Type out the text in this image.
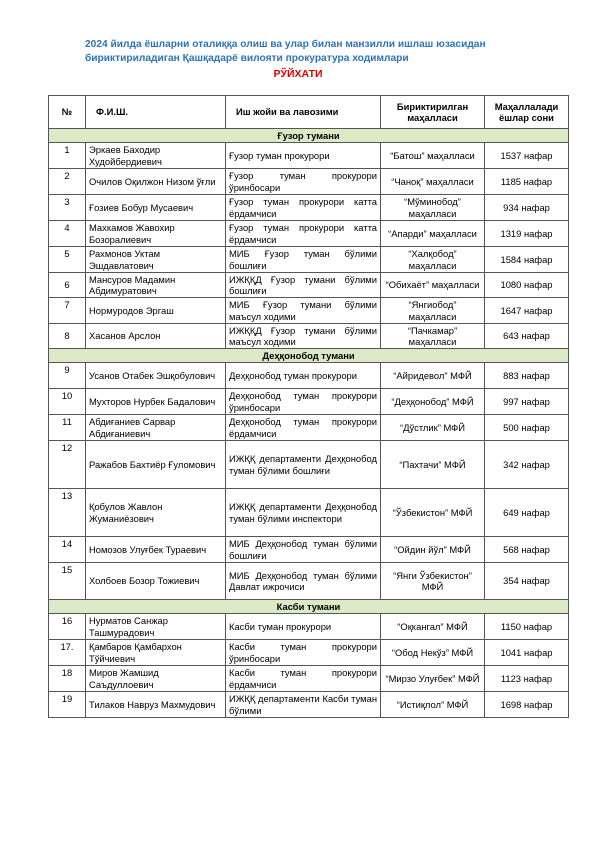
2024 йилда ёшларни оталиққа олиш ва улар билан манзилли ишлаш юзасидан
бириктириладиган Қашқадарё вилояти прокуратура ходимлари
РЎЙХАТИ
№	Ф.И.Ш.	Иш жойи ва лавозими	Бириктирилган маҳалласи	Маҳаллалади ёшлар сони
Ғузор тумани				
1	Эркаев Баходир Худойбердиевич	Ғузор туман прокурори	“Батош” маҳалласи	1537 нафар
2	Очилов Оқилжон Низом ўғли	Ғузор туман прокурори ўринбосари	“Чаноқ” маҳалласи	1185 нафар
3	Ғозиев Бобур Мусаевич	Ғузор туман прокурори катта ёрдамчиси	“Мўминобод” маҳалласи	934 нафар
4	Махкамов Жавохир Бозоралиевич	Ғузор туман прокурори катта ёрдамчиси	“Апарди” маҳалласи	1319 нафар
5	Рахмонов Уктам Эшдавлатович	МИБ Ғузор туман бўлими бошлиғи	“Халқобод” маҳалласи	1584 нафар
6	Мансуров Мадамин Абдимуратович	ИЖҚҚД Ғузор тумани бўлими бошлиғи	“Обихаёт” маҳалласи	1080 нафар
7	Нормуродов Эргаш	МИБ Ғузор тумани бўлими маъсул ходими	“Янгиобод” маҳалласи	1647 нафар
8	Хасанов Арслон	ИЖҚҚД Ғузор тумани бўлими маъсул ходими	“Пачкамар” маҳалласи	643 нафар
Деҳқонобод тумани				
9	Усанов Отабек Эшқобулович	Деҳқонобод туман прокурори	“Айридевол” МФЙ	883 нафар
10	Мухторов Нурбек Бадалович	Деҳқонобод туман прокурори ўринбосари	“Деҳқонобод” МФЙ	997 нафар
11	Абдиғаниев Сарвар Абдиғаниевич	Деҳқонобод туман прокурори ёрдамчиси	“Дўстлик” МФЙ	500 нафар
12	Ражабов Бахтиёр Ғуломович	ИЖҚҚ департаменти Деҳқонобод туман бўлими бошлиғи	“Пахтачи” МФЙ	342 нафар
13	Қобулов Жавлон Жуманиёзович	ИЖҚҚ департаменти Деҳқонобод туман бўлими инспектори	“Ўзбекистон” МФЙ	649 нафар
14	Номозов Улуғбек Тураевич	МИБ Деҳқонобод туман бўлими бошлиғи	“Ойдин йўл” МФЙ	568 нафар
15	Холбоев Бозор Тожиевич	МИБ Деҳқонобод туман бўлими Давлат ижрочиси	“Янги Ўзбекистон” МФЙ	354 нафар
Касби тумани				
16	Нурматов Санжар Ташмурадович	Касби туман прокурори	“Оқкангал” МФЙ	1150 нафар
17.	Қамбаров Қамбархон Тўйчиевич	Касби туман прокурори ўринбосари	“Обод Некўз” МФЙ	1041 нафар
18	Миров Жамшид Саъдуллоевич	Касби туман прокурори ёрдамчиси	“Мирзо Улуғбек” МФЙ	1123 нафар
19	Тилаков Навруз Махмудович	ИЖҚҚ департаменти Касби туман бўлими	“Истиқлол” МФЙ	1698 нафар
